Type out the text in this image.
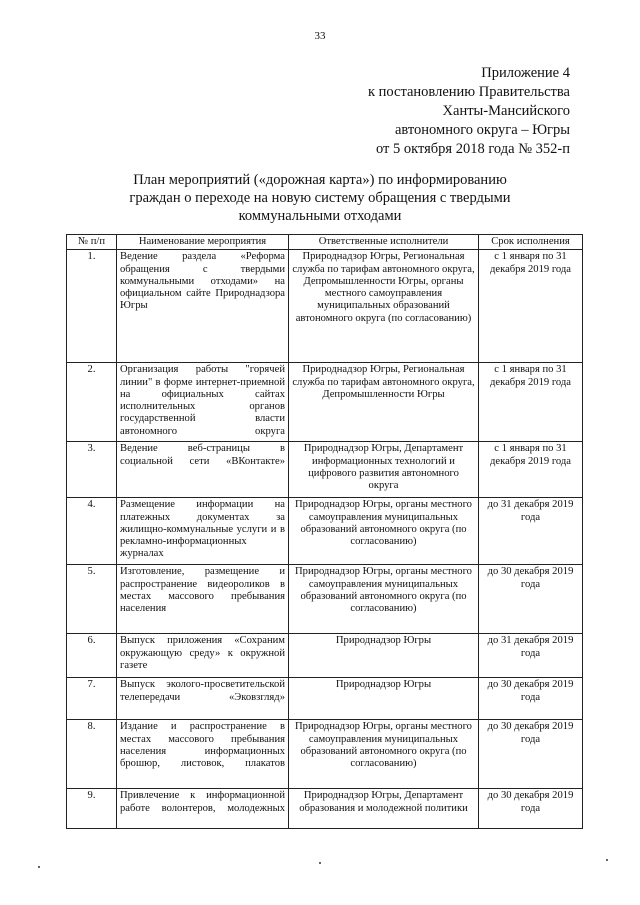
33
Приложение 4
к постановлению Правительства
Ханты-Мансийского
автономного округа – Югры
от 5 октября 2018 года № 352-п
План мероприятий («дорожная карта») по информированию
граждан о переходе на новую систему обращения с твердыми
коммунальными отходами
№ п/п	Наименование мероприятия	Ответственные исполнители	Срок исполнения
1.	Ведение раздела «Реформа обращения с твердыми коммунальными отходами» на официальном сайте Природнадзора Югры	Природнадзор Югры, Региональная служба по тарифам автономного округа, Депромышленности Югры, органы местного самоуправления муниципальных образований автономного округа (по согласованию)	с 1 января по 31 декабря 2019 года
2.	Организация работы "горячей линии" в форме интернет-приемной на официальных сайтах исполнительных органов государственной власти автономного округа	Природнадзор Югры, Региональная служба по тарифам автономного округа, Депромышленности Югры	с 1 января по 31 декабря 2019 года
3.	Ведение веб-страницы в социальной сети «ВКонтакте»	Природнадзор Югры, Департамент информационных технологий и цифрового развития автономного округа	с 1 января по 31 декабря 2019 года
4.	Размещение информации на платежных документах за жилищно-коммунальные услуги и в рекламно-информационных журналах	Природнадзор Югры, органы местного самоуправления муниципальных образований автономного округа (по согласованию)	до 31 декабря 2019 года
5.	Изготовление, размещение и распространение видеороликов в местах массового пребывания населения	Природнадзор Югры, органы местного самоуправления муниципальных образований автономного округа (по согласованию)	до 30 декабря 2019 года
6.	Выпуск приложения «Сохраним окружающую среду» к окружной газете	Природнадзор Югры	до 31 декабря 2019 года
7.	Выпуск эколого-просветительской телепередачи «Эковзгляд»	Природнадзор Югры	до 30 декабря 2019 года
8.	Издание и распространение в местах массового пребывания населения информационных брошюр, листовок, плакатов	Природнадзор Югры, органы местного самоуправления муниципальных образований автономного округа (по согласованию)	до 30 декабря 2019 года
9.	Привлечение к информационной работе волонтеров, молодежных	Природнадзор Югры, Департамент образования и молодежной политики	до 30 декабря 2019 года
